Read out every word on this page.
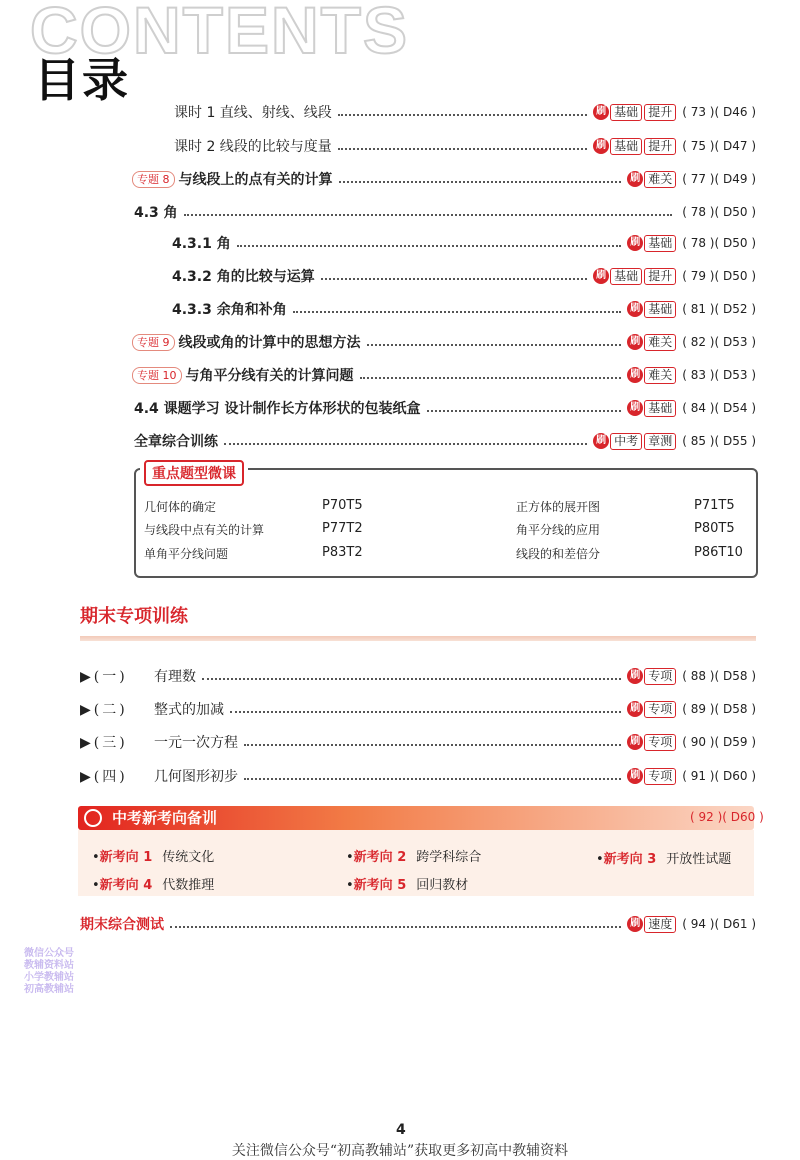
CONTENTS
目录
课时 1 直线、射线、线段	刷 基础 提升 ( 73 )( D46 )
课时 2 线段的比较与度量	刷 基础 提升 ( 75 )( D47 )
专题 8 与线段上的点有关的计算	刷 难关 ( 77 )( D49 )
4.3 角	( 78 )( D50 )
4.3.1 角	刷 基础 ( 78 )( D50 )
4.3.2 角的比较与运算	刷 基础 提升 ( 79 )( D50 )
4.3.3 余角和补角	刷 基础 ( 81 )( D52 )
专题 9 线段或角的计算中的思想方法	刷 难关 ( 82 )( D53 )
专题 10 与角平分线有关的计算问题	刷 难关 ( 83 )( D53 )
4.4 课题学习 设计制作长方体形状的包装纸盒	刷 基础 ( 84 )( D54 )
全章综合训练	刷 中考 章测 ( 85 )( D55 )
重点题型微课
几何体的确定	P70T5	正方体的展开图	P71T5
与线段中点有关的计算	P77T2	角平分线的应用	P80T5
单角平分线问题	P83T2	线段的和差倍分	P86T10
期末专项训练
▶(一)	有理数	刷 专项 ( 88 )( D58 )
▶(二)	整式的加减	刷 专项 ( 89 )( D58 )
▶(三)	一元一次方程	刷 专项 ( 90 )( D59 )
▶(四)	几何图形初步	刷 专项 ( 91 )( D60 )
中考新考向备训	( 92 )( D60 )
•新考向 1 传统文化	•新考向 2 跨学科综合	•新考向 3 开放性试题
•新考向 4 代数推理	•新考向 5 回归教材
期末综合测试	刷 速度 ( 94 )( D61 )
微信公众号
教辅资料站
小学教辅站
初高教辅站
4
关注微信公众号“初高教辅站”获取更多初高中教辅资料
